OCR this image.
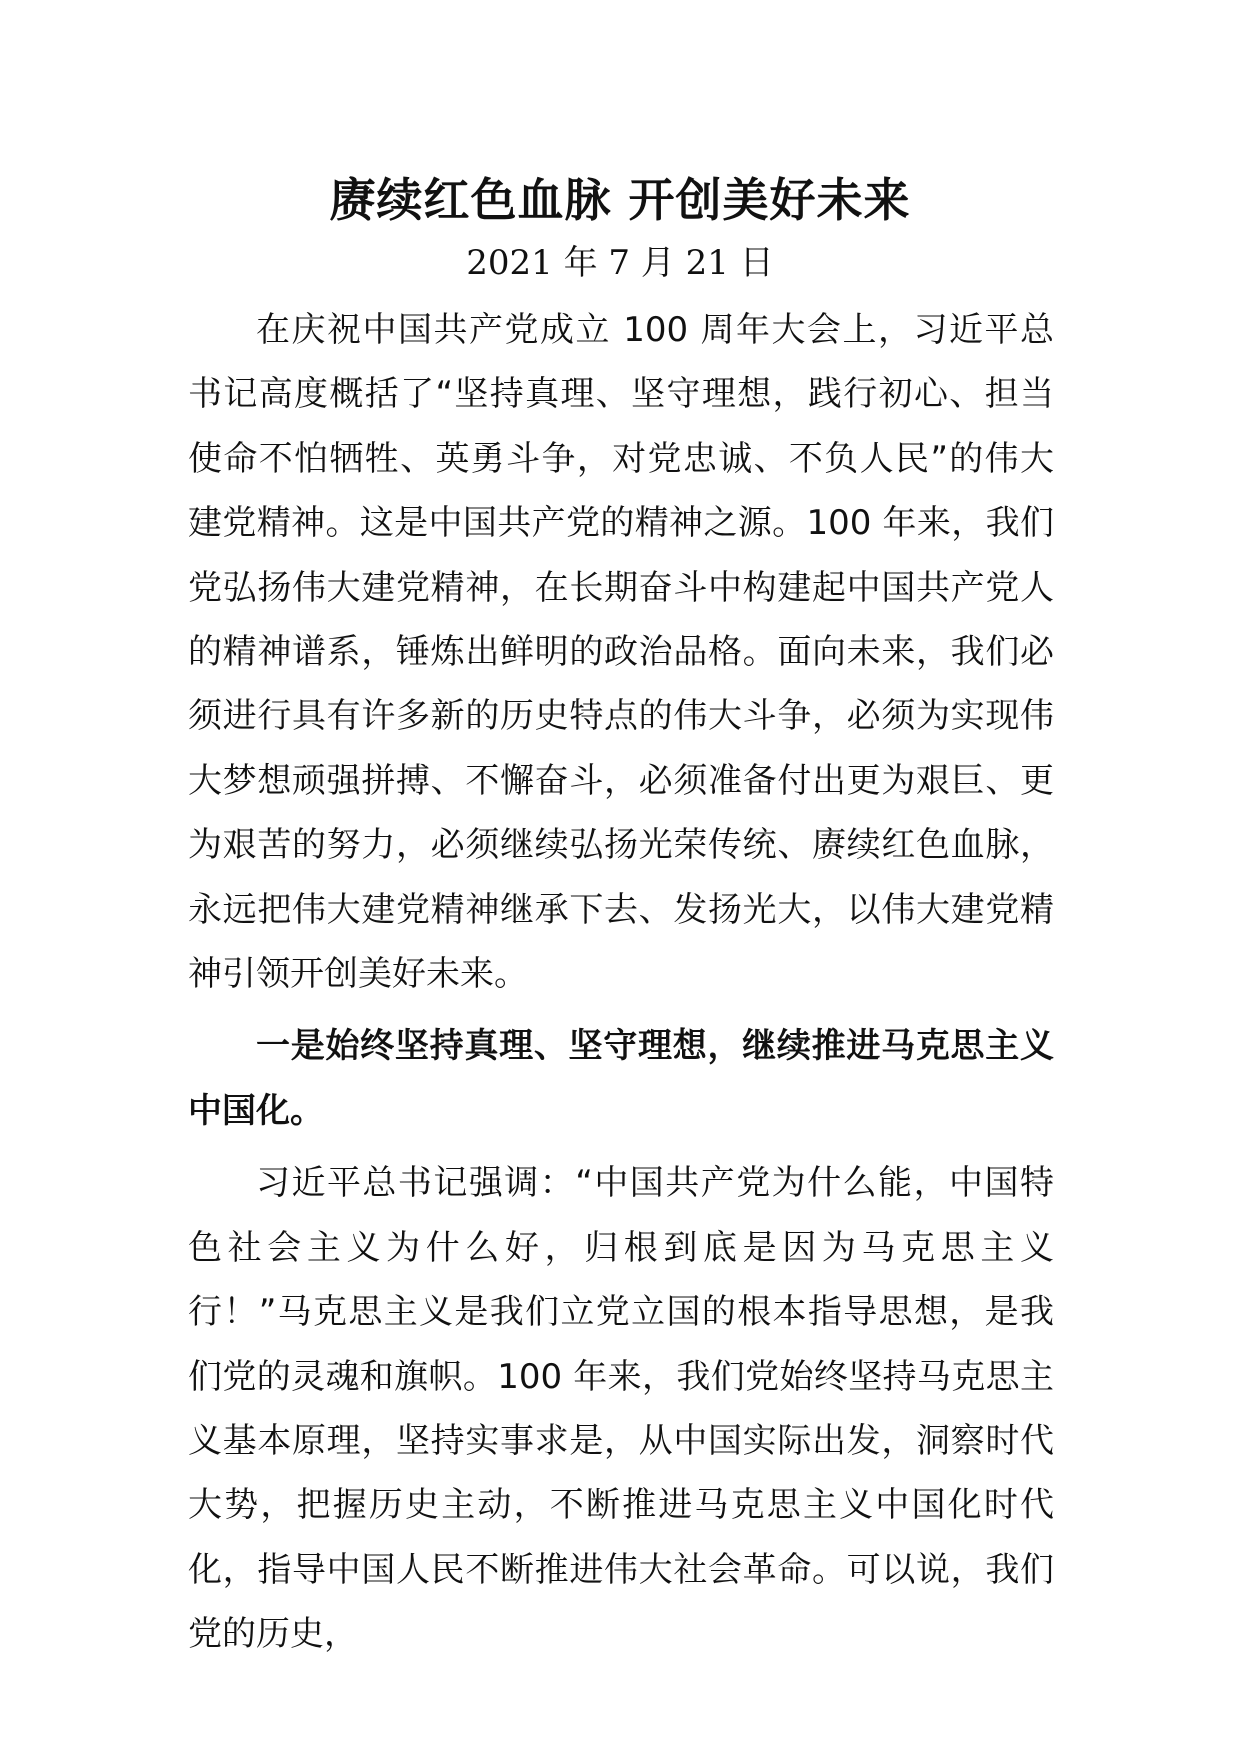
赓续红色血脉 开创美好未来
2021 年 7 月 21 日

在庆祝中国共产党成立 100 周年大会上，习近平总书记高度概括了“坚持真理、坚守理想，践行初心、担当使命不怕牺牲、英勇斗争，对党忠诚、不负人民”的伟大建党精神。这是中国共产党的精神之源。100 年来，我们党弘扬伟大建党精神，在长期奋斗中构建起中国共产党人的精神谱系，锤炼出鲜明的政治品格。面向未来，我们必须进行具有许多新的历史特点的伟大斗争，必须为实现伟大梦想顽强拼搏、不懈奋斗，必须准备付出更为艰巨、更为艰苦的努力，必须继续弘扬光荣传统、赓续红色血脉，永远把伟大建党精神继承下去、发扬光大，以伟大建党精神引领开创美好未来。

一是始终坚持真理、坚守理想，继续推进马克思主义中国化。

习近平总书记强调：“中国共产党为什么能，中国特色社会主义为什么好，归根到底是因为马克思主义行！”马克思主义是我们立党立国的根本指导思想，是我们党的灵魂和旗帜。100 年来，我们党始终坚持马克思主义基本原理，坚持实事求是，从中国实际出发，洞察时代大势，把握历史主动，不断推进马克思主义中国化时代化，指导中国人民不断推进伟大社会革命。可以说，我们党的历史，
